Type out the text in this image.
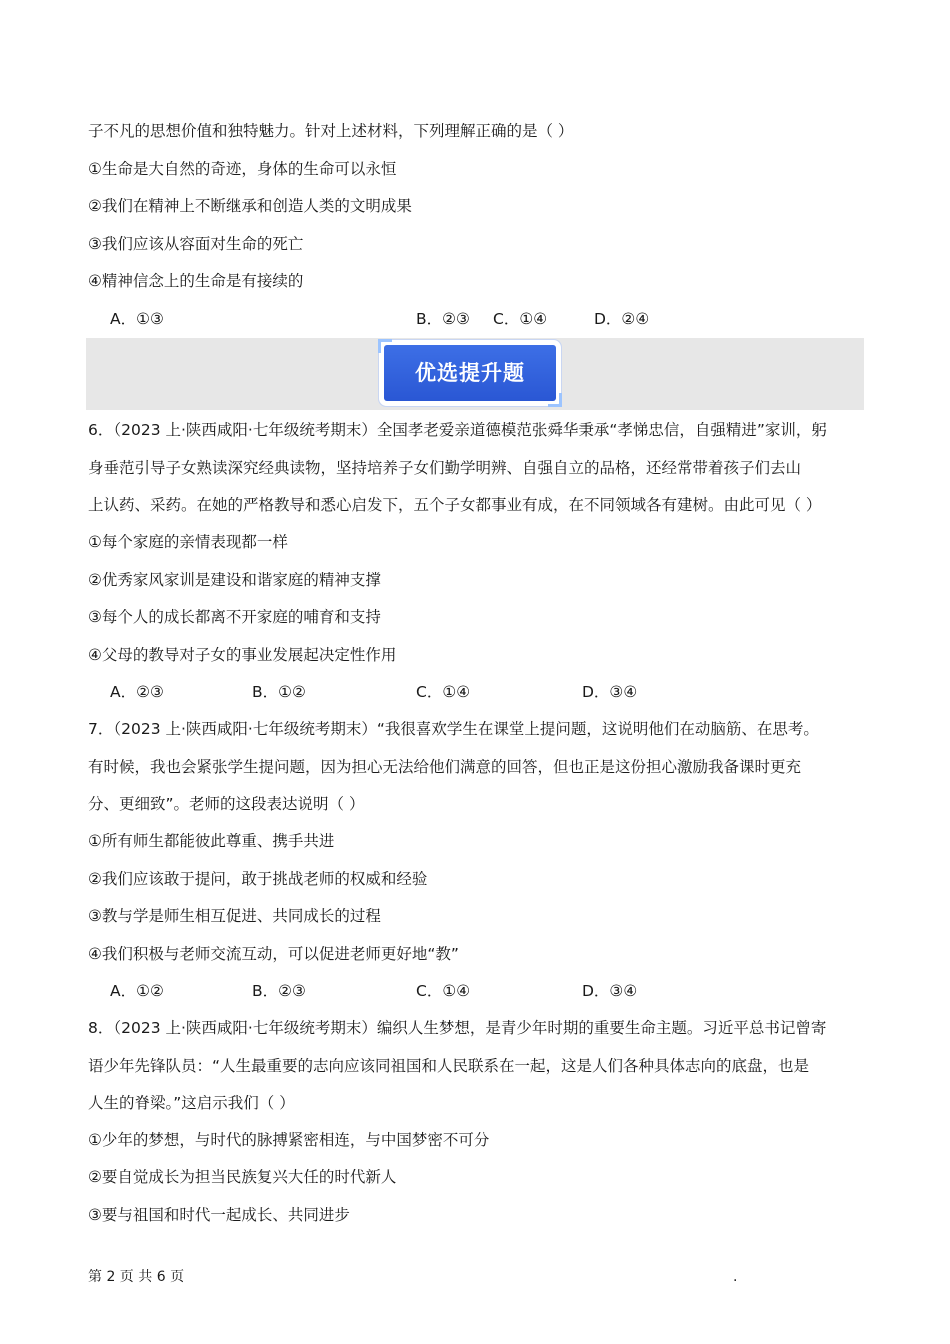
子不凡的思想价值和独特魅力。针对上述材料，下列理解正确的是（ ）
①生命是大自然的奇迹，身体的生命可以永恒
②我们在精神上不断继承和创造人类的文明成果
③我们应该从容面对生命的死亡
④精神信念上的生命是有接续的
A．①③	B．②③ C．①④	D．②④
优选提升题
6．（2023 上·陕西咸阳·七年级统考期末）全国孝老爱亲道德模范张舜华秉承“孝悌忠信，自强精进”家训，躬
身垂范引导子女熟读深究经典读物，坚持培养子女们勤学明辨、自强自立的品格，还经常带着孩子们去山
上认药、采药。在她的严格教导和悉心启发下，五个子女都事业有成，在不同领域各有建树。由此可见（ ）
①每个家庭的亲情表现都一样
②优秀家风家训是建设和谐家庭的精神支撑
③每个人的成长都离不开家庭的哺育和支持
④父母的教导对子女的事业发展起决定性作用
A．②③	B．①②	C．①④	D．③④
7．（2023 上·陕西咸阳·七年级统考期末）“我很喜欢学生在课堂上提问题，这说明他们在动脑筋、在思考。
有时候，我也会紧张学生提问题，因为担心无法给他们满意的回答，但也正是这份担心激励我备课时更充
分、更细致”。老师的这段表达说明（ ）
①所有师生都能彼此尊重、携手共进
②我们应该敢于提问，敢于挑战老师的权威和经验
③教与学是师生相互促进、共同成长的过程
④我们积极与老师交流互动，可以促进老师更好地“教”
A．①②	B．②③	C．①④	D．③④
8．（2023 上·陕西咸阳·七年级统考期末）编织人生梦想，是青少年时期的重要生命主题。习近平总书记曾寄
语少年先锋队员：“人生最重要的志向应该同祖国和人民联系在一起，这是人们各种具体志向的底盘，也是
人生的脊梁。”这启示我们（ ）
①少年的梦想，与时代的脉搏紧密相连，与中国梦密不可分
②要自觉成长为担当民族复兴大任的时代新人
③要与祖国和时代一起成长、共同进步
第 2 页 共 6 页	.
